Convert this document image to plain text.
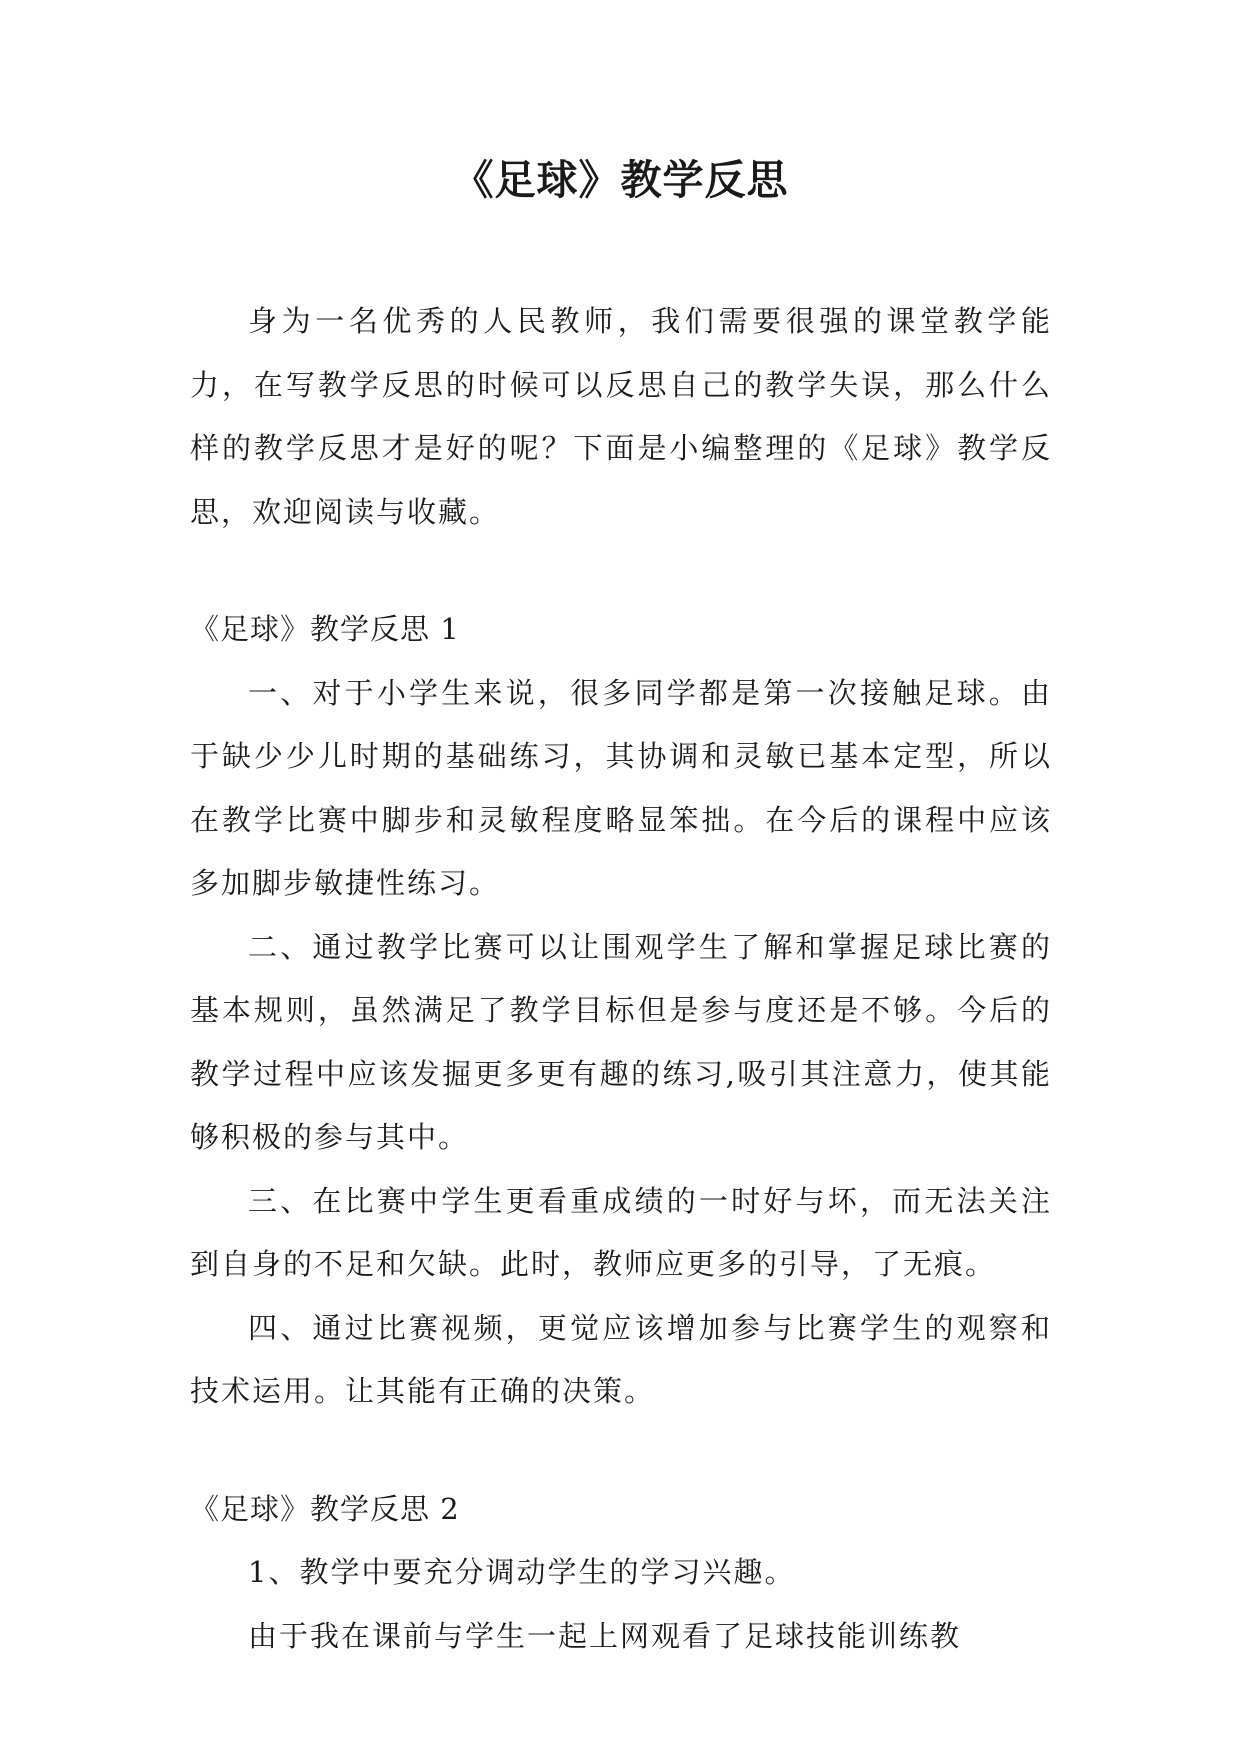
《足球》教学反思

身为一名优秀的人民教师，我们需要很强的课堂教学能力，在写教学反思的时候可以反思自己的教学失误，那么什么样的教学反思才是好的呢？下面是小编整理的《足球》教学反思，欢迎阅读与收藏。

《足球》教学反思 1

一、对于小学生来说，很多同学都是第一次接触足球。由于缺少少儿时期的基础练习，其协调和灵敏已基本定型，所以在教学比赛中脚步和灵敏程度略显笨拙。在今后的课程中应该多加脚步敏捷性练习。

二、通过教学比赛可以让围观学生了解和掌握足球比赛的基本规则，虽然满足了教学目标但是参与度还是不够。今后的教学过程中应该发掘更多更有趣的练习,吸引其注意力，使其能够积极的参与其中。

三、在比赛中学生更看重成绩的一时好与坏，而无法关注到自身的不足和欠缺。此时，教师应更多的引导，了无痕。

四、通过比赛视频，更觉应该增加参与比赛学生的观察和技术运用。让其能有正确的决策。

《足球》教学反思 2

1、教学中要充分调动学生的学习兴趣。

由于我在课前与学生一起上网观看了足球技能训练教
